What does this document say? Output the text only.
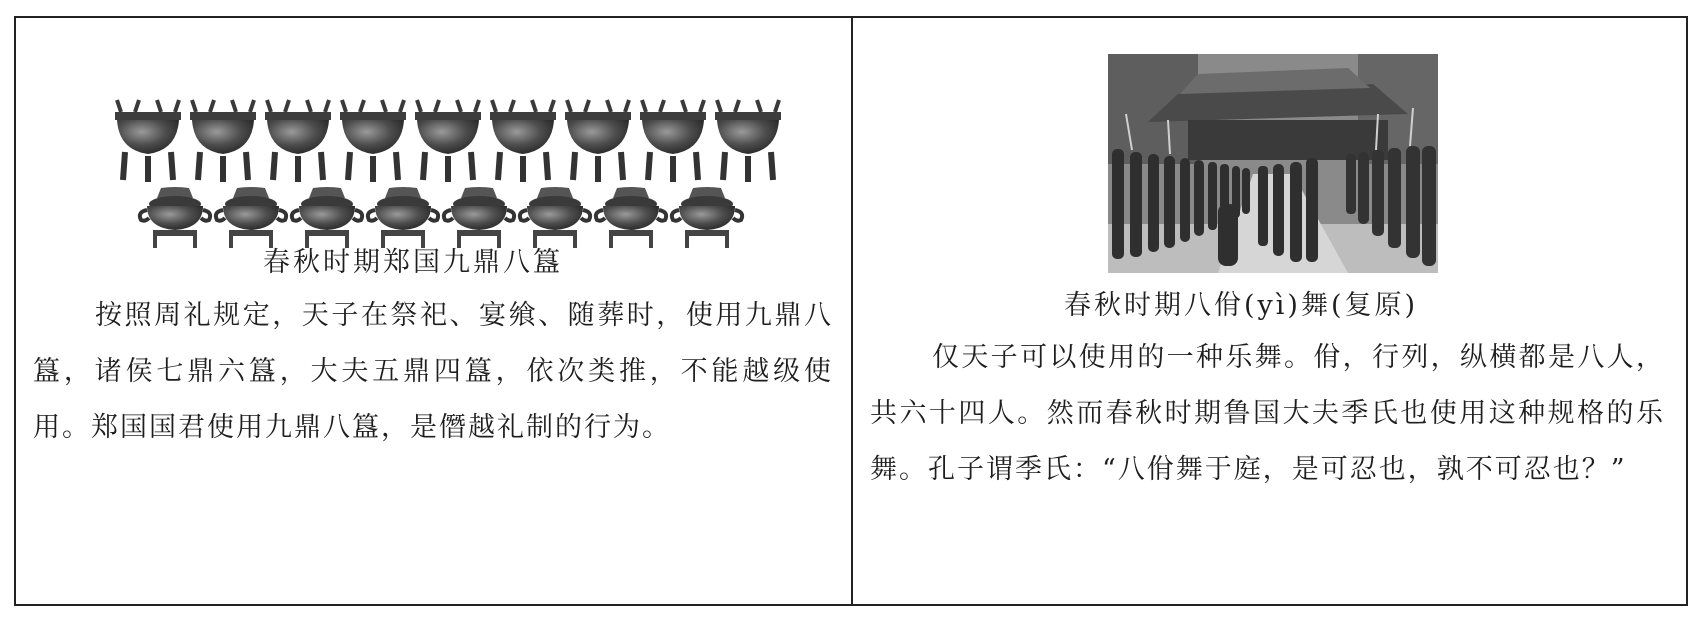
春秋时期郑国九鼎八簋

按照周礼规定，天子在祭祀、宴飨、随葬时，使用九鼎八簋，诸侯七鼎六簋，大夫五鼎四簋，依次类推，不能越级使用。郑国国君使用九鼎八簋，是僭越礼制的行为。

春秋时期八佾(yì)舞(复原)

仅天子可以使用的一种乐舞。佾，行列，纵横都是八人，共六十四人。然而春秋时期鲁国大夫季氏也使用这种规格的乐舞。孔子谓季氏：“八佾舞于庭，是可忍也，孰不可忍也？”
